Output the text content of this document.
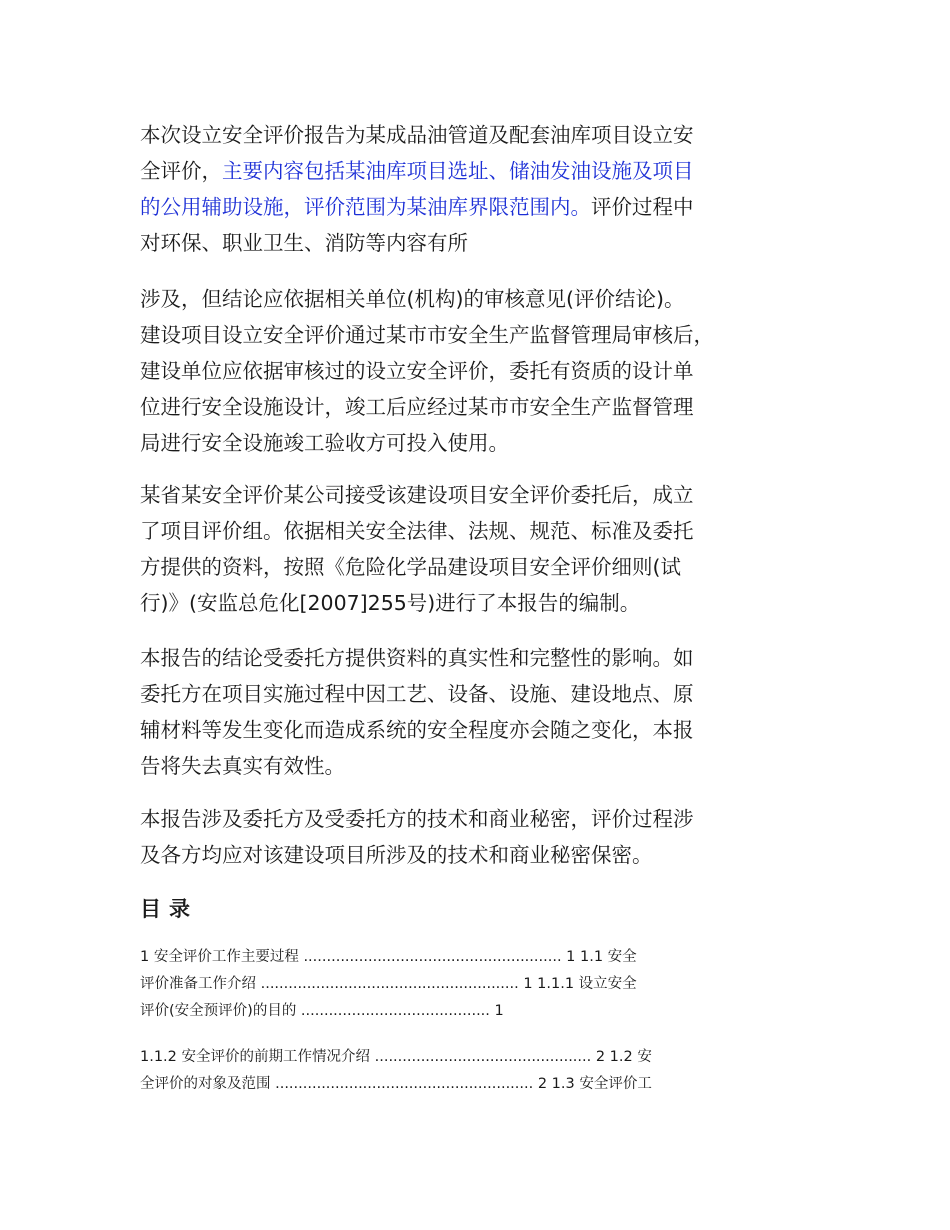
本次设立安全评价报告为某成品油管道及配套油库项目设立安
全评价，主要内容包括某油库项目选址、储油发油设施及项目
的公用辅助设施，评价范围为某油库界限范围内。评价过程中
对环保、职业卫生、消防等内容有所

涉及，但结论应依据相关单位(机构)的审核意见(评价结论)。
建设项目设立安全评价通过某市市安全生产监督管理局审核后，
建设单位应依据审核过的设立安全评价，委托有资质的设计单
位进行安全设施设计，竣工后应经过某市市安全生产监督管理
局进行安全设施竣工验收方可投入使用。

某省某安全评价某公司接受该建设项目安全评价委托后，成立
了项目评价组。依据相关安全法律、法规、规范、标准及委托
方提供的资料，按照《危险化学品建设项目安全评价细则(试
行)》(安监总危化[2007]255号)进行了本报告的编制。

本报告的结论受委托方提供资料的真实性和完整性的影响。如
委托方在项目实施过程中因工艺、设备、设施、建设地点、原
辅材料等发生变化而造成系统的安全程度亦会随之变化，本报
告将失去真实有效性。

本报告涉及委托方及受委托方的技术和商业秘密，评价过程涉
及各方均应对该建设项目所涉及的技术和商业秘密保密。

目录

1 安全评价工作主要过程 ........................................................ 1 1.1 安全
评价准备工作介绍 ........................................................ 1 1.1.1 设立安全
评价(安全预评价)的目的 ......................................... 1

1.1.2 安全评价的前期工作情况介绍 ............................................... 2 1.2 安
全评价的对象及范围 ........................................................ 2 1.3 安全评价工
